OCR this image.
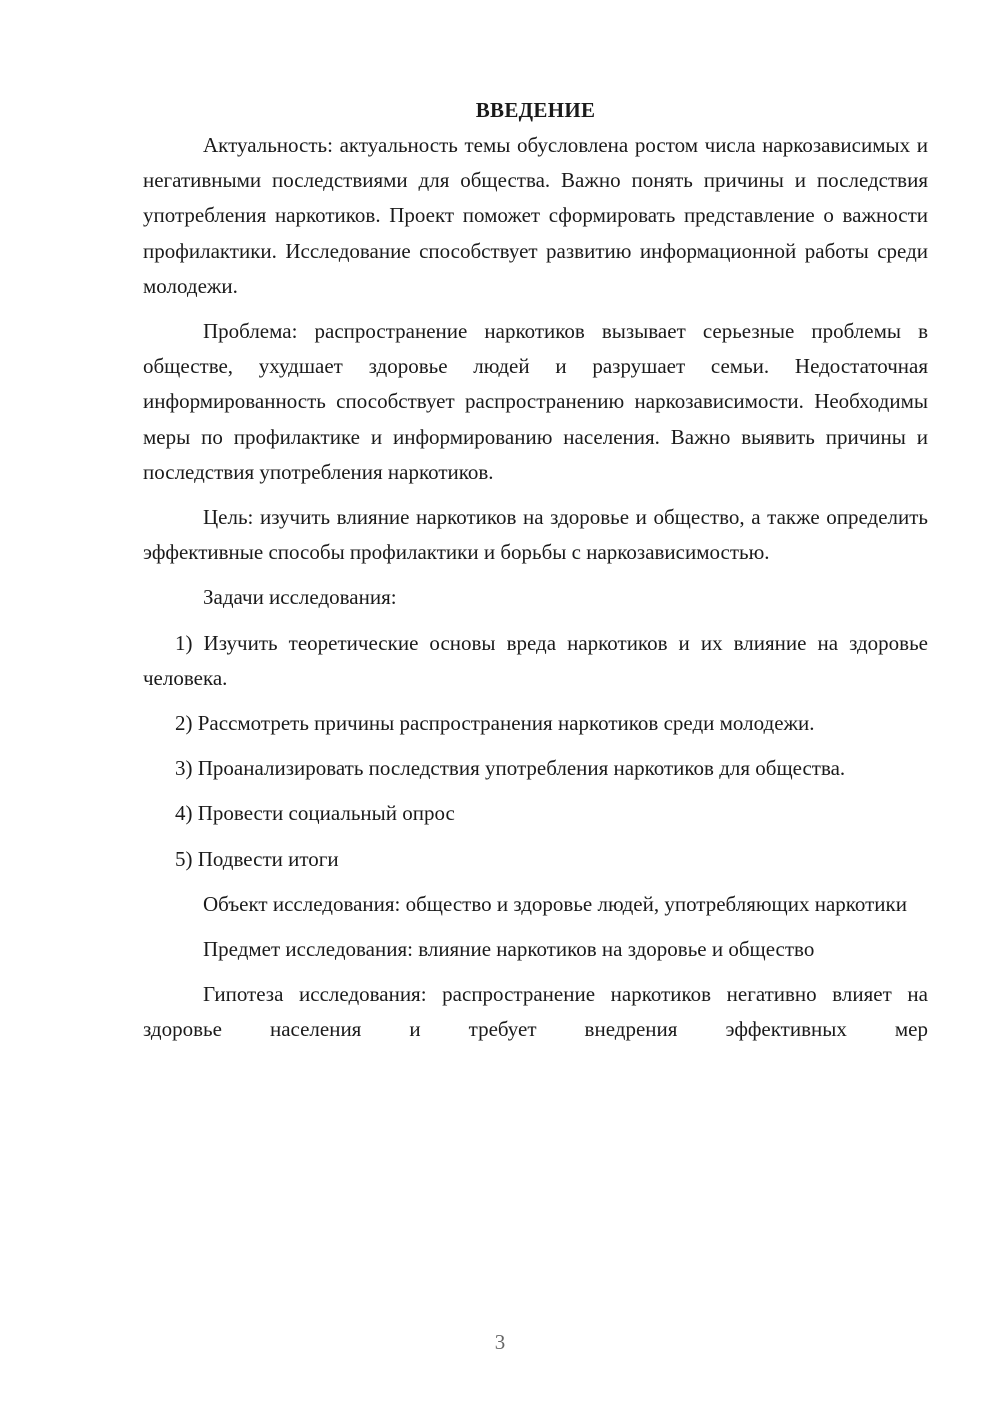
ВВЕДЕНИЕ

Актуальность: актуальность темы обусловлена ростом числа наркозависимых и негативными последствиями для общества. Важно понять причины и последствия употребления наркотиков. Проект поможет сформировать представление о важности профилактики. Исследование способствует развитию информационной работы среди молодежи.

Проблема: распространение наркотиков вызывает серьезные проблемы в обществе, ухудшает здоровье людей и разрушает семьи. Недостаточная информированность способствует распространению наркозависимости. Необходимы меры по профилактике и информированию населения. Важно выявить причины и последствия употребления наркотиков.

Цель: изучить влияние наркотиков на здоровье и общество, а также определить эффективные способы профилактики и борьбы с наркозависимостью.

Задачи исследования:

1) Изучить теоретические основы вреда наркотиков и их влияние на здоровье человека.

2) Рассмотреть причины распространения наркотиков среди молодежи.

3) Проанализировать последствия употребления наркотиков для общества.

4) Провести социальный опрос

5) Подвести итоги

Объект исследования: общество и здоровье людей, употребляющих наркотики

Предмет исследования: влияние наркотиков на здоровье и общество

Гипотеза исследования: распространение наркотиков негативно влияет на здоровье населения и требует внедрения эффективных мер

3
